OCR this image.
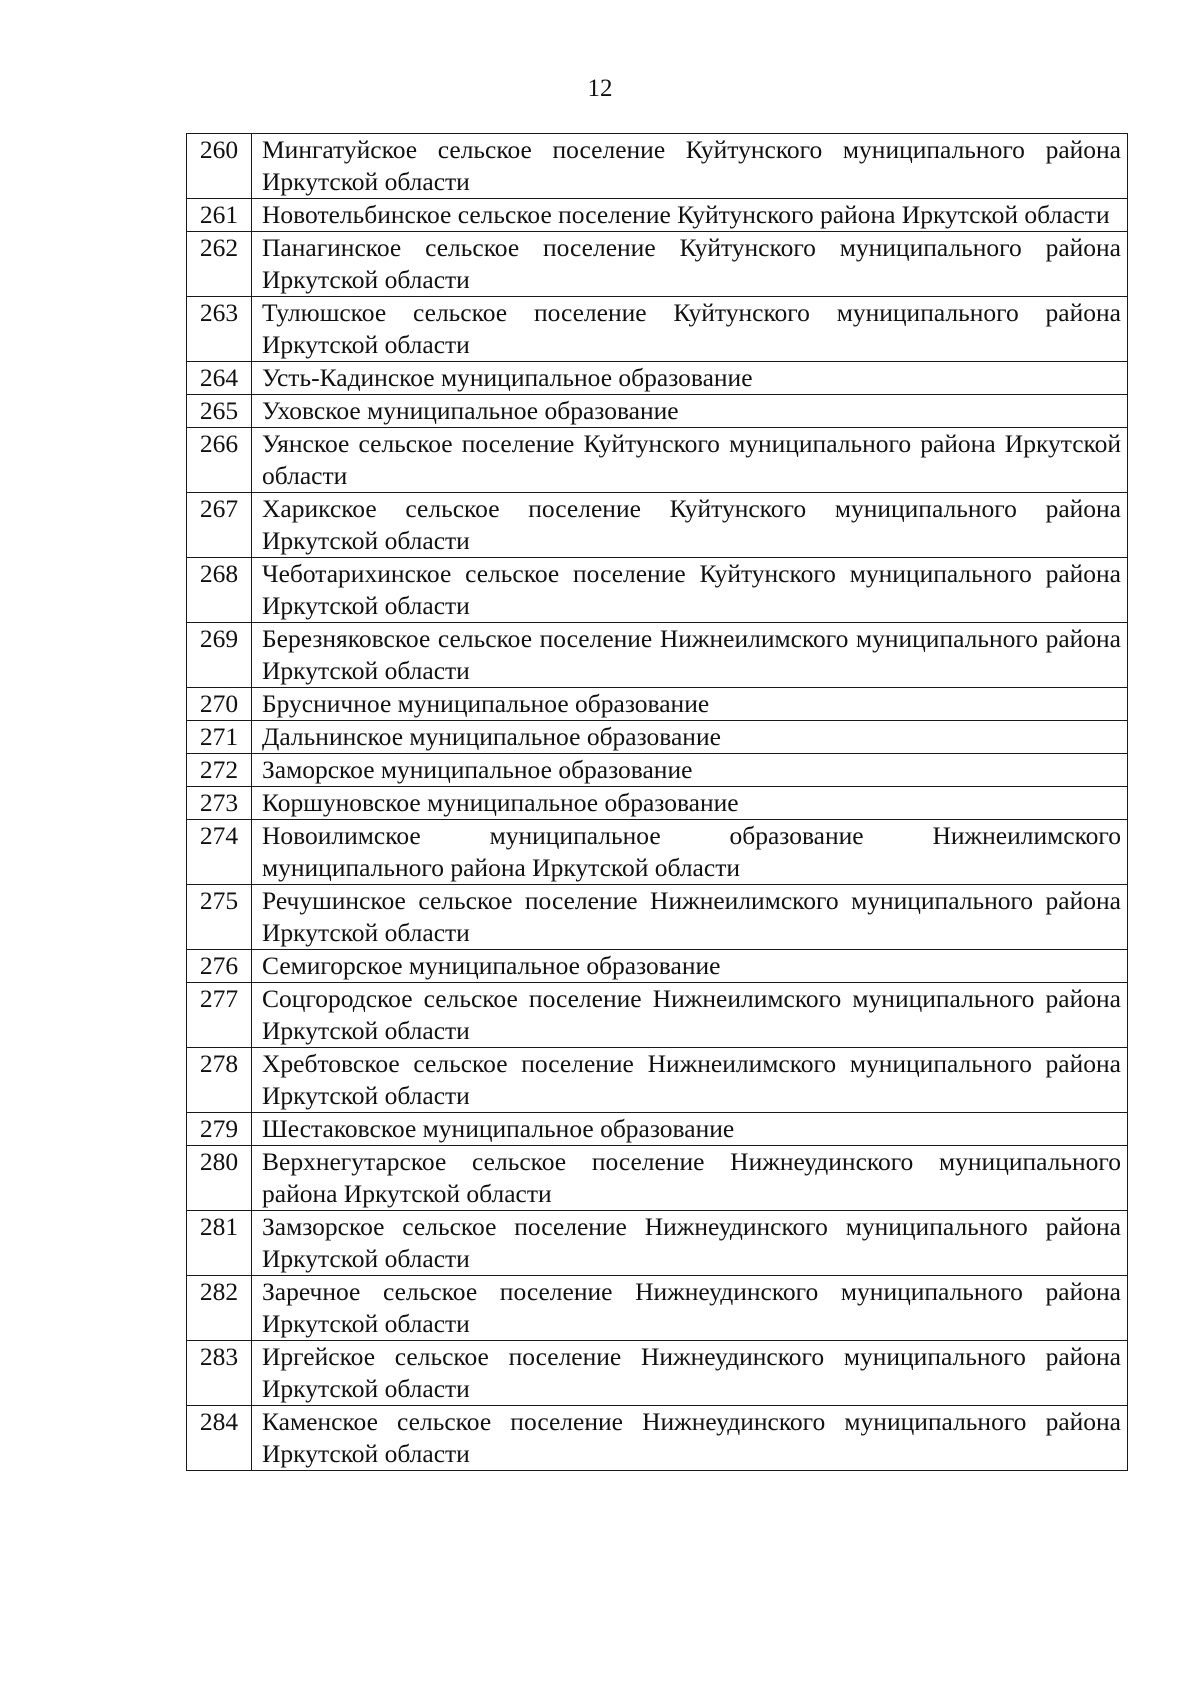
12
260	Мингатуйское сельское поселение Куйтунского муниципального района Иркутской области
261	Новотельбинское сельское поселение Куйтунского района Иркутской области
262	Панагинское сельское поселение Куйтунского муниципального района Иркутской области
263	Тулюшское сельское поселение Куйтунского муниципального района Иркутской области
264	Усть-Кадинское муниципальное образование
265	Уховское муниципальное образование
266	Уянское сельское поселение Куйтунского муниципального района Иркутской области
267	Харикское сельское поселение Куйтунского муниципального района Иркутской области
268	Чеботарихинское сельское поселение Куйтунского муниципального района Иркутской области
269	Березняковское сельское поселение Нижнеилимского муниципального района Иркутской области
270	Брусничное муниципальное образование
271	Дальнинское муниципальное образование
272	Заморское муниципальное образование
273	Коршуновское муниципальное образование
274	Новоилимское муниципальное образование Нижнеилимского муниципального района Иркутской области
275	Речушинское сельское поселение Нижнеилимского муниципального района Иркутской области
276	Семигорское муниципальное образование
277	Соцгородское сельское поселение Нижнеилимского муниципального района Иркутской области
278	Хребтовское сельское поселение Нижнеилимского муниципального района Иркутской области
279	Шестаковское муниципальное образование
280	Верхнегутарское сельское поселение Нижнеудинского муниципального района Иркутской области
281	Замзорское сельское поселение Нижнеудинского муниципального района Иркутской области
282	Заречное сельское поселение Нижнеудинского муниципального района Иркутской области
283	Иргейское сельское поселение Нижнеудинского муниципального района Иркутской области
284	Каменское сельское поселение Нижнеудинского муниципального района Иркутской области
